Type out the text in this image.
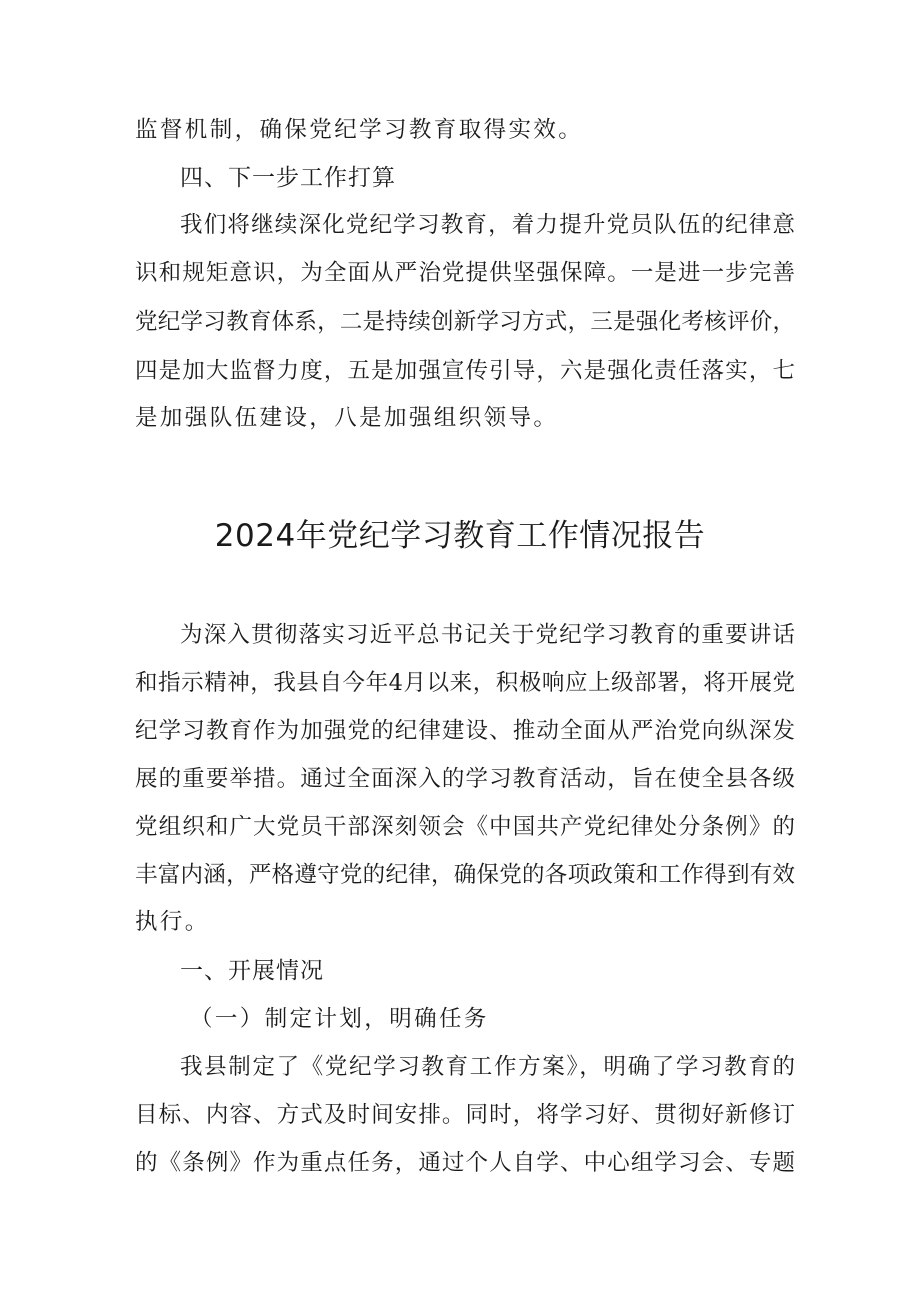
监督机制，确保党纪学习教育取得实效。
四、下一步工作打算
我们将继续深化党纪学习教育，着力提升党员队伍的纪律意
识和规矩意识，为全面从严治党提供坚强保障。一是进一步完善
党纪学习教育体系，二是持续创新学习方式，三是强化考核评价，
四是加大监督力度，五是加强宣传引导，六是强化责任落实，七
是加强队伍建设，八是加强组织领导。
2024年党纪学习教育工作情况报告
为深入贯彻落实习近平总书记关于党纪学习教育的重要讲话
和指示精神，我县自今年4月以来，积极响应上级部署，将开展党
纪学习教育作为加强党的纪律建设、推动全面从严治党向纵深发
展的重要举措。通过全面深入的学习教育活动，旨在使全县各级
党组织和广大党员干部深刻领会《中国共产党纪律处分条例》的
丰富内涵，严格遵守党的纪律，确保党的各项政策和工作得到有效
执行。
一、开展情况
（一）制定计划，明确任务
我县制定了《党纪学习教育工作方案》，明确了学习教育的
目标、内容、方式及时间安排。同时，将学习好、贯彻好新修订
的《条例》作为重点任务，通过个人自学、中心组学习会、专题
